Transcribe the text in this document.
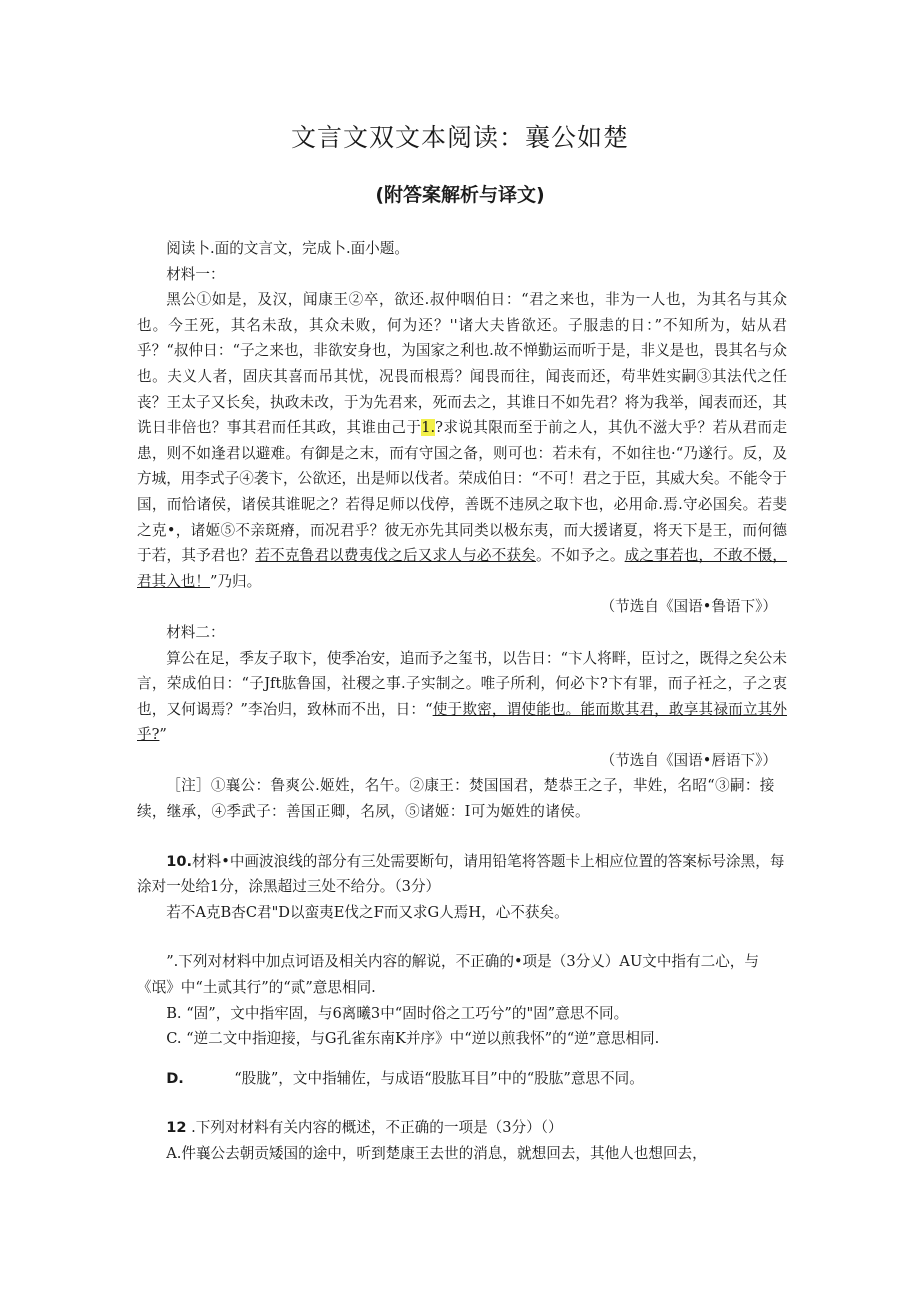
文言文双文本阅读：襄公如楚
(附答案解析与译文)

阅读卜.面的文言文，完成卜.面小题。

材料一：

黑公①如是，及汉，闻康王②卒，欲还.叔仲咽伯日：“君之来也，非为一人也，为其名与其众也。今王死，其名未敌，其众未败，何为还？''诸大夫皆欲还。子服恚的日：”不知所为，姑从君乎？“叔仲日：“子之来也，非欲安身也，为国家之利也.故不惮勤运而听于是，非义是也，畏其名与众也。夫义人者，固庆其喜而吊其忧，况畏而根焉？闻畏而往，闻丧而还，苟芈姓实嗣③其法代之任丧？王太子又长矣，执政未改，于为先君来，死而去之，其谁日不如先君？将为我举，闻表而还，其诜日非倍也？事其君而任其政，其谁由己于1.?求说其限而至于前之人，其仇不滋大乎？若从君而走患，则不如逢君以避难。有御是之末，而有守国之备，则可也：若未有，不如往也·“乃遂行。反，及方城，用李式子④袭卞，公欲还，出是师以伐者。荣成伯日：“不可！君之于臣，其威大矣。不能令于国，而恰诸侯，诸侯其谁昵之？若得足师以伐停，善既不违夙之取卞也，必用命.焉.守必国矣。若斐之克•，诸姬⑤不亲斑瘠，而况君乎？彼无亦先其同类以极东夷，而大援诸夏，将天下是王，而何德于若，其予君也？若不克鲁君以费夷伐之后又求人与必不获矣。不如予之。成之事若也，不敢不慑，君其入也！”乃归。

（节选自《国语•鲁语下》）

材料二：

算公在足，季友子取卞，使季冶安，追而予之玺书，以告日：“卞人将畔，臣讨之，既得之矣公未言，荣成伯日：“子Jft肱鲁国，社稷之事.子实制之。唯子所利，何必卞?卞有罪，而子衽之，子之衷也，又何谒焉？”李冶归，致林而不出，日：“使于欺密，谓使能也。能而欺其君，敢享其禄而立其外乎?”

（节选自《国语•唇语下》）

［注］①襄公：鲁爽公.姬姓，名午。②康王：焚国国君，楚恭王之子，芈姓，名昭“③嗣：接续，继承，④季武子：善国正卿，名夙，⑤诸姬：I可为姬姓的诸侯。

10.材料•中画波浪线的部分有三处需要断句，请用铅笔将答题卡上相应位置的答案标号涂黑，每涂对一处给1分，涂黑超过三处不给分。（3分）

若不A克B杏C君"D以蛮夷E伐之F而又求G人焉H，心不获矣。

”.下列对材料中加点诃语及相关内容的解说，不正确的•项是（3分乂）AU文中指有二心，与《氓》中“土贰其行”的“贰”意思相同.

B. “固”，文中指牢固，与6离曦3中“固时俗之工巧兮”的"固”意思不同。

C. “逆二文中指迎接，与G孔雀东南K并序》中“逆以煎我怀”的“逆”意思相同.

D.	“股胧”，文中指辅佐，与成语“股肱耳目”中的“股肱”意思不同。

12 .下列对材料有关内容的概述，不正确的一项是（3分）（）

A.件襄公去朝贡矮国的途中，听到楚康王去世的消息，就想回去，其他人也想回去，
